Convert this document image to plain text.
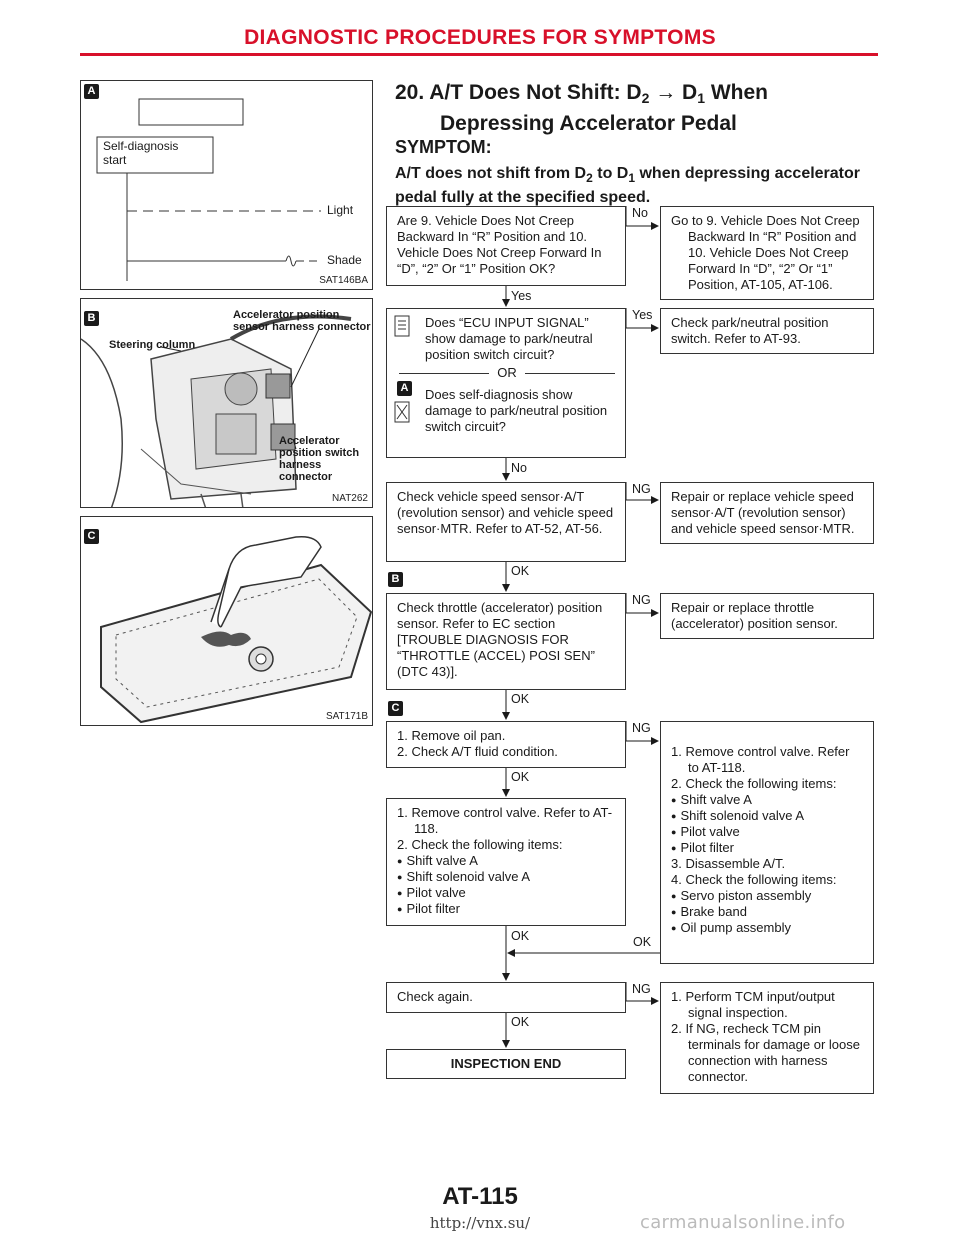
DIAGNOSTIC PROCEDURES FOR SYMPTOMS
A
Self-diagnosis
start
Light
Shade
SAT146BA
B	Accelerator position
sensor harness connector
Steering column
Accelerator
position switch
harness connector
NAT262
C
SAT171B
20. A/T Does Not Shift: $D_2 \to D_1$ When
Depressing Accelerator Pedal
SYMPTOM:
A/T does not shift from $D_2$ to $D_1$ when depressing accelerator pedal fully at the specified speed.
Are 9. Vehicle Does Not Creep Backward In “R” Position and 10. Vehicle Does Not Creep Forward In “D”, “2” Or “1” Position OK?
No
Yes
Go to 9. Vehicle Does Not Creep Backward In “R” Position and 10. Vehicle Does Not Creep Forward In “D”, “2” Or “1” Position, AT-105, AT-106.
Does “ECU INPUT SIGNAL” show damage to park/neutral position switch circuit?
OR
A Does self-diagnosis show damage to park/neutral position switch circuit?
Yes
No
Check park/neutral position switch. Refer to AT-93.
Check vehicle speed sensor·A/T (revolution sensor) and vehicle speed sensor·MTR. Refer to AT-52, AT-56.
NG
OK
Repair or replace vehicle speed sensor·A/T (revolution sensor) and vehicle speed sensor·MTR.
B
Check throttle (accelerator) position sensor. Refer to EC section [TROUBLE DIAGNOSIS FOR “THROTTLE (ACCEL) POSI SEN” (DTC 43)].
NG
OK
Repair or replace throttle (accelerator) position sensor.
C
1. Remove oil pan.
2. Check A/T fluid condition.
NG
OK
1. Remove control valve. Refer to AT-118.
2. Check the following items:
● Shift valve A
● Shift solenoid valve A
● Pilot valve
● Pilot filter
3. Disassemble A/T.
4. Check the following items:
● Servo piston assembly
● Brake band
● Oil pump assembly
1. Remove control valve. Refer to AT-118.
2. Check the following items:
● Shift valve A
● Shift solenoid valve A
● Pilot valve
● Pilot filter
OK	OK
Check again.	NG
OK
1. Perform TCM input/output signal inspection.
2. If NG, recheck TCM pin terminals for damage or loose connection with harness connector.
INSPECTION END
AT-115
http://vnx.su/	carmanualsonline.info
